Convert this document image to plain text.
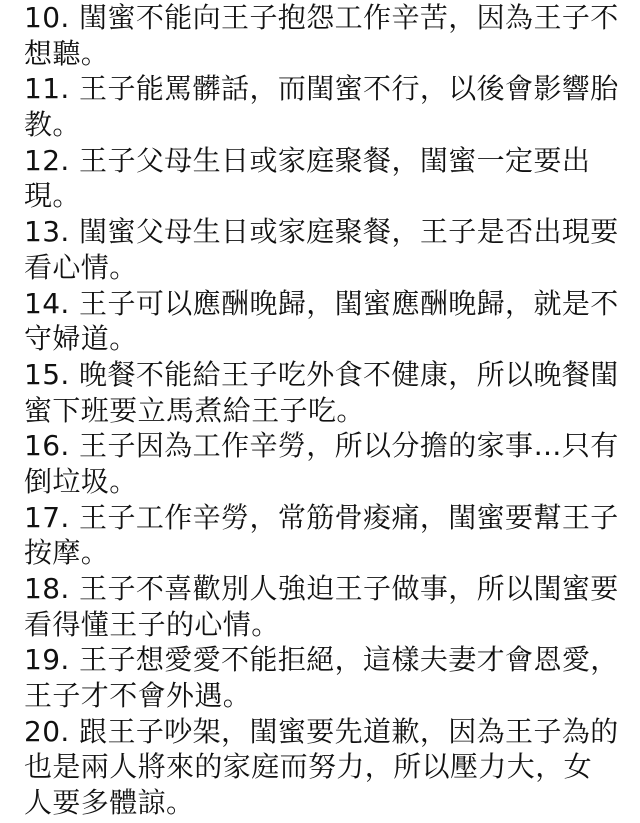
10. 閨蜜不能向王子抱怨工作辛苦，因為王子不
想聽。
11. 王子能罵髒話，而閨蜜不行，以後會影響胎
教。
12. 王子父母生日或家庭聚餐，閨蜜一定要出
現。
13. 閨蜜父母生日或家庭聚餐，王子是否出現要
看心情。
14. 王子可以應酬晚歸，閨蜜應酬晚歸，就是不
守婦道。
15. 晚餐不能給王子吃外食不健康，所以晚餐閨
蜜下班要立馬煮給王子吃。
16. 王子因為工作辛勞，所以分擔的家事…只有
倒垃圾。
17. 王子工作辛勞，常筋骨痠痛，閨蜜要幫王子
按摩。
18. 王子不喜歡別人強迫王子做事，所以閨蜜要
看得懂王子的心情。
19. 王子想愛愛不能拒絕，這樣夫妻才會恩愛，
王子才不會外遇。
20. 跟王子吵架，閨蜜要先道歉，因為王子為的
也是兩人將來的家庭而努力，所以壓力大，女
人要多體諒。
